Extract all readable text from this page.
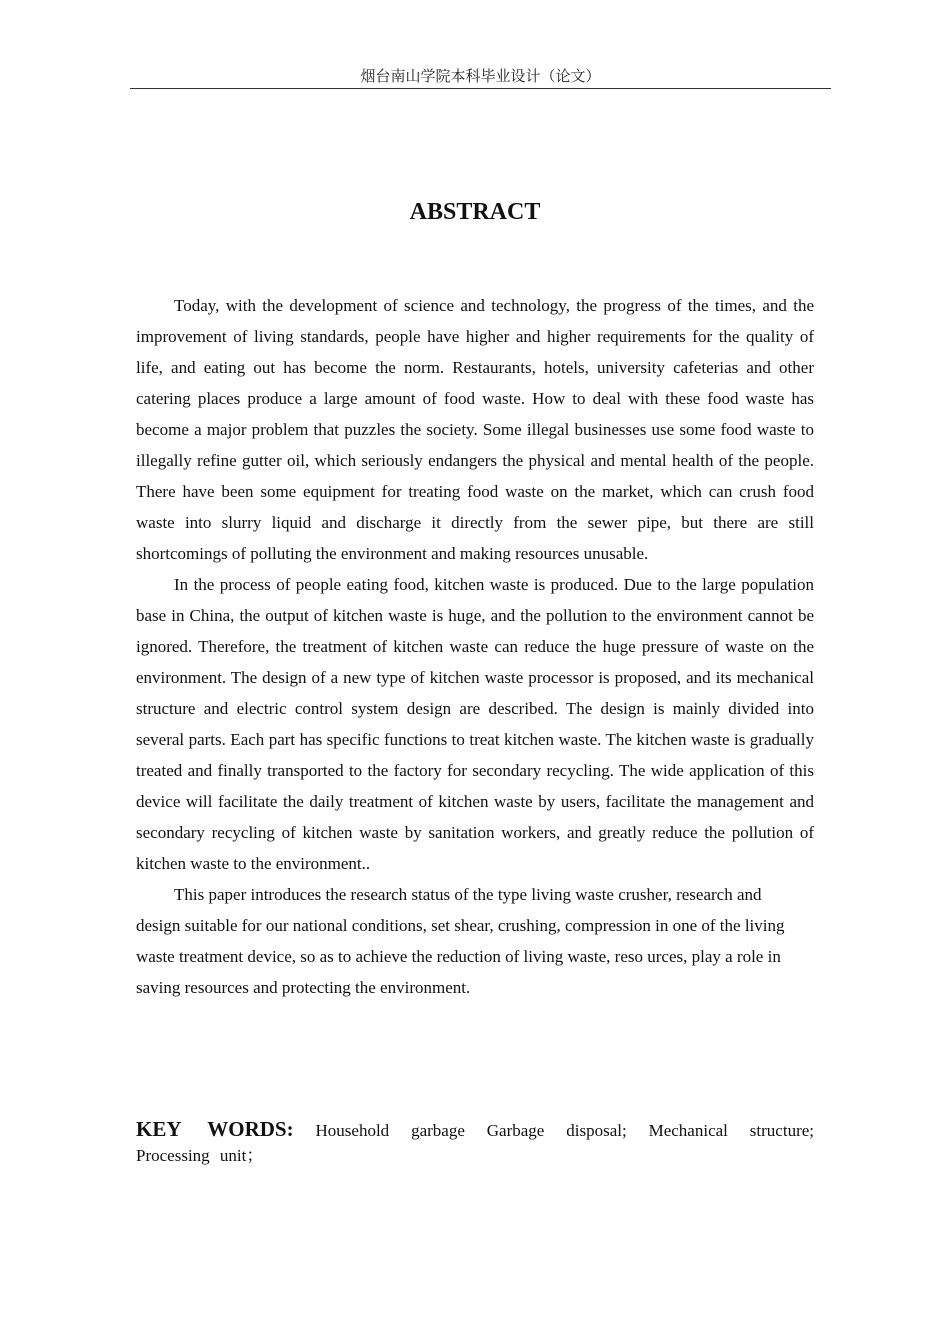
烟台南山学院本科毕业设计（论文）
ABSTRACT

Today, with the development of science and technology, the progress of the times, and the improvement of living standards, people have higher and higher requirements for the quality of life, and eating out has become the norm. Restaurants, hotels, university cafeterias and other catering places produce a large amount of food waste. How to deal with these food waste has become a major problem that puzzles the society. Some illegal businesses use some food waste to illegally refine gutter oil, which seriously endangers the physical and mental health of the people. There have been some equipment for treating food waste on the market, which can crush food waste into slurry liquid and discharge it directly from the sewer pipe, but there are still shortcomings of polluting the environment and making resources unusable.

In the process of people eating food, kitchen waste is produced. Due to the large population base in China, the output of kitchen waste is huge, and the pollution to the environment cannot be ignored. Therefore, the treatment of kitchen waste can reduce the huge pressure of waste on the environment. The design of a new type of kitchen waste processor is proposed, and its mechanical structure and electric control system design are described. The design is mainly divided into several parts. Each part has specific functions to treat kitchen waste. The kitchen waste is gradually treated and finally transported to the factory for secondary recycling. The wide application of this device will facilitate the daily treatment of kitchen waste by users, facilitate the management and secondary recycling of kitchen waste by sanitation workers, and greatly reduce the pollution of kitchen waste to the environment..

This paper introduces the research status of the type living waste crusher, research and design suitable for our national conditions, set shear, crushing, compression in one of the living waste treatment device, so as to achieve the reduction of living waste, reso urces, play a role in saving resources and protecting the environment.

KEY WORDS: Household garbage Garbage disposal; Mechanical structure; Processing unit；
